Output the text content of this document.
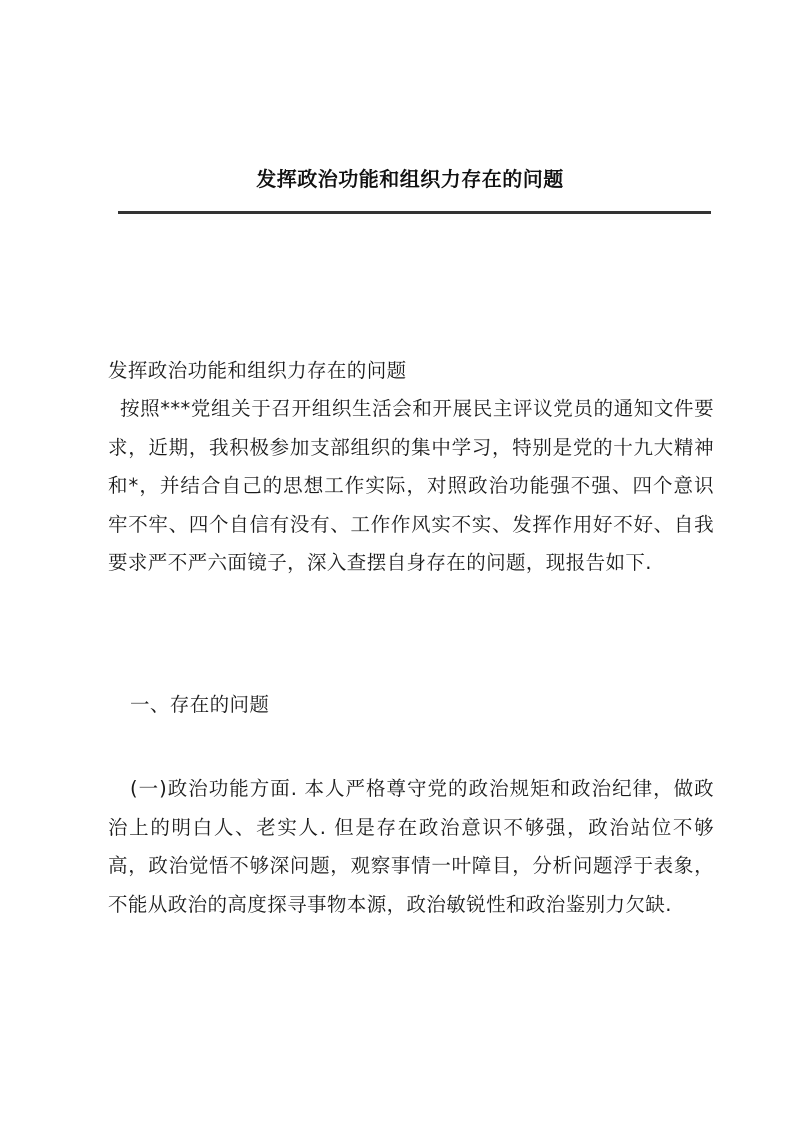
发挥政治功能和组织力存在的问题
发挥政治功能和组织力存在的问题
按照***党组关于召开组织生活会和开展民主评议党员的通知文件要求，近期，我积极参加支部组织的集中学习，特别是党的十九大精神和*，并结合自己的思想工作实际，对照政治功能强不强、四个意识牢不牢、四个自信有没有、工作作风实不实、发挥作用好不好、自我要求严不严六面镜子，深入查摆自身存在的问题，现报告如下.
一、存在的问题
(一)政治功能方面. 本人严格尊守党的政治规矩和政治纪律，做政治上的明白人、老实人. 但是存在政治意识不够强，政治站位不够高，政治觉悟不够深问题，观察事情一叶障目，分析问题浮于表象，不能从政治的高度探寻事物本源，政治敏锐性和政治鉴别力欠缺.
